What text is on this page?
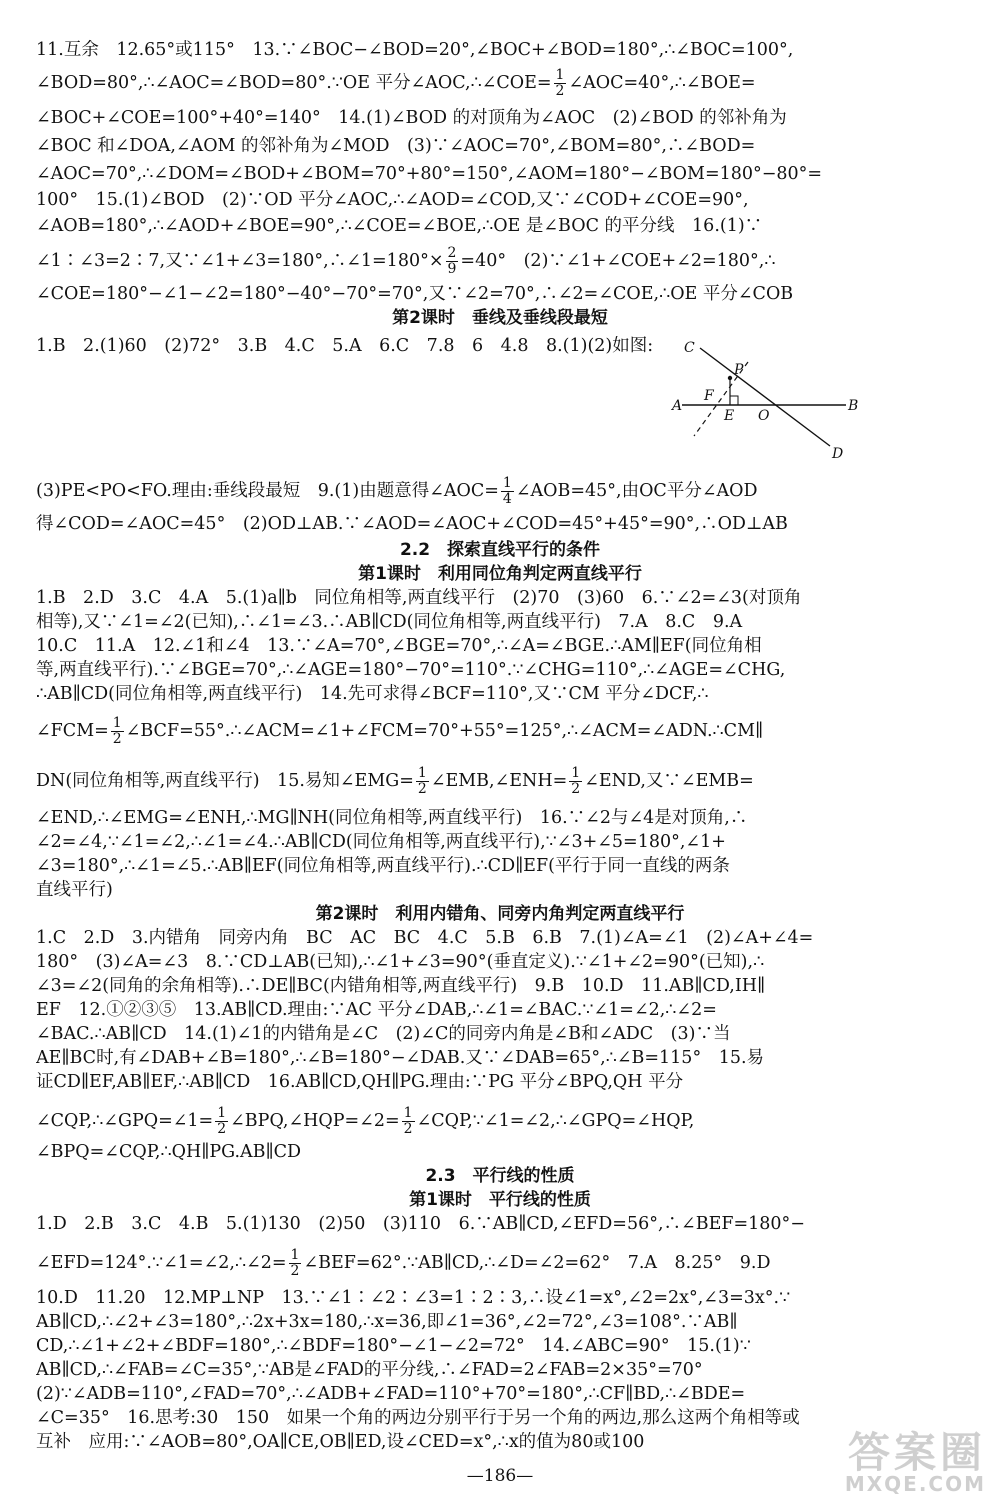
11.互余　12.65°或115°　13.∵∠BOC−∠BOD=20°,∠BOC+∠BOD=180°,∴∠BOC=100°,
∠BOD=80°,∴∠AOC=∠BOD=80°.∵OE 平分∠AOC,∴∠COE= $\frac{1}{2}$ ∠AOC=40°,∴∠BOE=
∠BOC+∠COE=100°+40°=140°　14.(1)∠BOD 的对顶角为∠AOC　(2)∠BOD 的邻补角为
∠BOC 和∠DOA,∠AOM 的邻补角为∠MOD　(3)∵∠AOC=70°,∠BOM=80°,∴∠BOD=
∠AOC=70°,∴∠DOM=∠BOD+∠BOM=70°+80°=150°,∠AOM=180°−∠BOM=180°−80°=
100°　15.(1)∠BOD　(2)∵OD 平分∠AOC,∴∠AOD=∠COD,又∵∠COD+∠COE=90°,
∠AOB=180°,∴∠AOD+∠BOE=90°,∴∠COE=∠BOE,∴OE 是∠BOC 的平分线　16.(1)∵
∠1∶∠3=2∶7,又∵∠1+∠3=180°,∴∠1=180°× $\frac{2}{9} =40^\circ$　(2)∵∠1+∠COE+∠2=180°,∴
∠COE=180°−∠1−∠2=180°−40°−70°=70°,又∵∠2=70°,∴∠2=∠COE,∴OE 平分∠COB
第2课时　垂线及垂线段最短
1.B　2.(1)60　(2)72°　3.B　4.C　5.A　6.C　7.8　6　4.8　8.(1)(2)如图:	C
P
A
F
E O
B
D
(3)PE<PO<FO.理由:垂线段最短　9.(1)由题意得∠AOC= $\frac{1}{4}$ ∠AOB=45°,由OC平分∠AOD
得∠COD=∠AOC=45°　(2)OD⊥AB.∵∠AOD=∠AOC+∠COD=45°+45°=90°,∴OD⊥AB
2.2　探索直线平行的条件
第1课时　利用同位角判定两直线平行
1.B　2.D　3.C　4.A　5.(1)a∥b　同位角相等,两直线平行　(2)70　(3)60　6.∵∠2=∠3(对顶角
相等),又∵∠1=∠2(已知),∴∠1=∠3.∴AB∥CD(同位角相等,两直线平行)　7.A　8.C　9.A
10.C　11.A　12.∠1和∠4　13.∵∠A=70°,∠BGE=70°,∴∠A=∠BGE.∴AM∥EF(同位角相
等,两直线平行).∵∠BGE=70°,∴∠AGE=180°−70°=110°.∵∠CHG=110°,∴∠AGE=∠CHG,
∴AB∥CD(同位角相等,两直线平行)　14.先可求得∠BCF=110°,又∵CM 平分∠DCF,∴
∠FCM= $\frac{1}{2}$ ∠BCF=55°.∴∠ACM=∠1+∠FCM=70°+55°=125°,∴∠ACM=∠ADN.∴CM∥
DN(同位角相等,两直线平行)　15.易知∠EMG= $\frac{1}{2}$ ∠EMB,∠ENH= $\frac{1}{2}$ ∠END,又∵∠EMB=
∠END,∴∠EMG=∠ENH,∴MG∥NH(同位角相等,两直线平行)　16.∵∠2与∠4是对顶角,∴
∠2=∠4,∵∠1=∠2,∴∠1=∠4.∴AB∥CD(同位角相等,两直线平行),∵∠3+∠5=180°,∠1+
∠3=180°,∴∠1=∠5.∴AB∥EF(同位角相等,两直线平行).∴CD∥EF(平行于同一直线的两条
直线平行)
第2课时　利用内错角、同旁内角判定两直线平行
1.C　2.D　3.内错角　同旁内角　BC　AC　BC　4.C　5.B　6.B　7.(1)∠A=∠1　(2)∠A+∠4=
180°　(3)∠A=∠3　8.∵CD⊥AB(已知),∴∠1+∠3=90°(垂直定义).∵∠1+∠2=90°(已知),∴
∠3=∠2(同角的余角相等).∴DE∥BC(内错角相等,两直线平行)　9.B　10.D　11.AB∥CD,IH∥
EF　12.①②③⑤　13.AB∥CD.理由:∵AC 平分∠DAB,∴∠1=∠BAC.∵∠1=∠2,∴∠2=
∠BAC.∴AB∥CD　14.(1)∠1的内错角是∠C　(2)∠C的同旁内角是∠B和∠ADC　(3)∵当
AE∥BC时,有∠DAB+∠B=180°,∴∠B=180°−∠DAB.又∵∠DAB=65°,∴∠B=115°　15.易
证CD∥EF,AB∥EF,∴AB∥CD　16.AB∥CD,QH∥PG.理由:∵PG 平分∠BPQ,QH 平分
∠CQP,∴∠GPQ=∠1= $\frac{1}{2}$ ∠BPQ,∠HQP=∠2= $\frac{1}{2}$ ∠CQP,∵∠1=∠2,∴∠GPQ=∠HQP,
∠BPQ=∠CQP,∴QH∥PG.AB∥CD
2.3　平行线的性质
第1课时　平行线的性质
1.D　2.B　3.C　4.B　5.(1)130　(2)50　(3)110　6.∵AB∥CD,∠EFD=56°,∴∠BEF=180°−
∠EFD=124°.∵∠1=∠2,∴∠2= $\frac{1}{2}$ ∠BEF=62°.∵AB∥CD,∴∠D=∠2=62°　7.A　8.25°　9.D
10.D　11.20　12.MP⊥NP　13.∵∠1∶∠2∶∠3=1∶2∶3,∴设∠1=x°,∠2=2x°,∠3=3x°.∵
AB∥CD,∴∠2+∠3=180°,∴2x+3x=180,∴x=36,即∠1=36°,∠2=72°,∠3=108°.∵AB∥
CD,∴∠1+∠2+∠BDF=180°,∴∠BDF=180°−∠1−∠2=72°　14.∠ABC=90°　15.(1)∵
AB∥CD,∴∠FAB=∠C=35°,∵AB是∠FAD的平分线,∴∠FAD=2∠FAB=2×35°=70°
(2)∵∠ADB=110°,∠FAD=70°,∴∠ADB+∠FAD=110°+70°=180°,∴CF∥BD,∴∠BDE=
∠C=35°　16.思考:30　150　如果一个角的两边分别平行于另一个角的两边,那么这两个角相等或
互补　应用:∵∠AOB=80°,OA∥CE,OB∥ED,设∠CED=x°,∴x的值为80或100
—186—	答案圈
MXQE.COM
